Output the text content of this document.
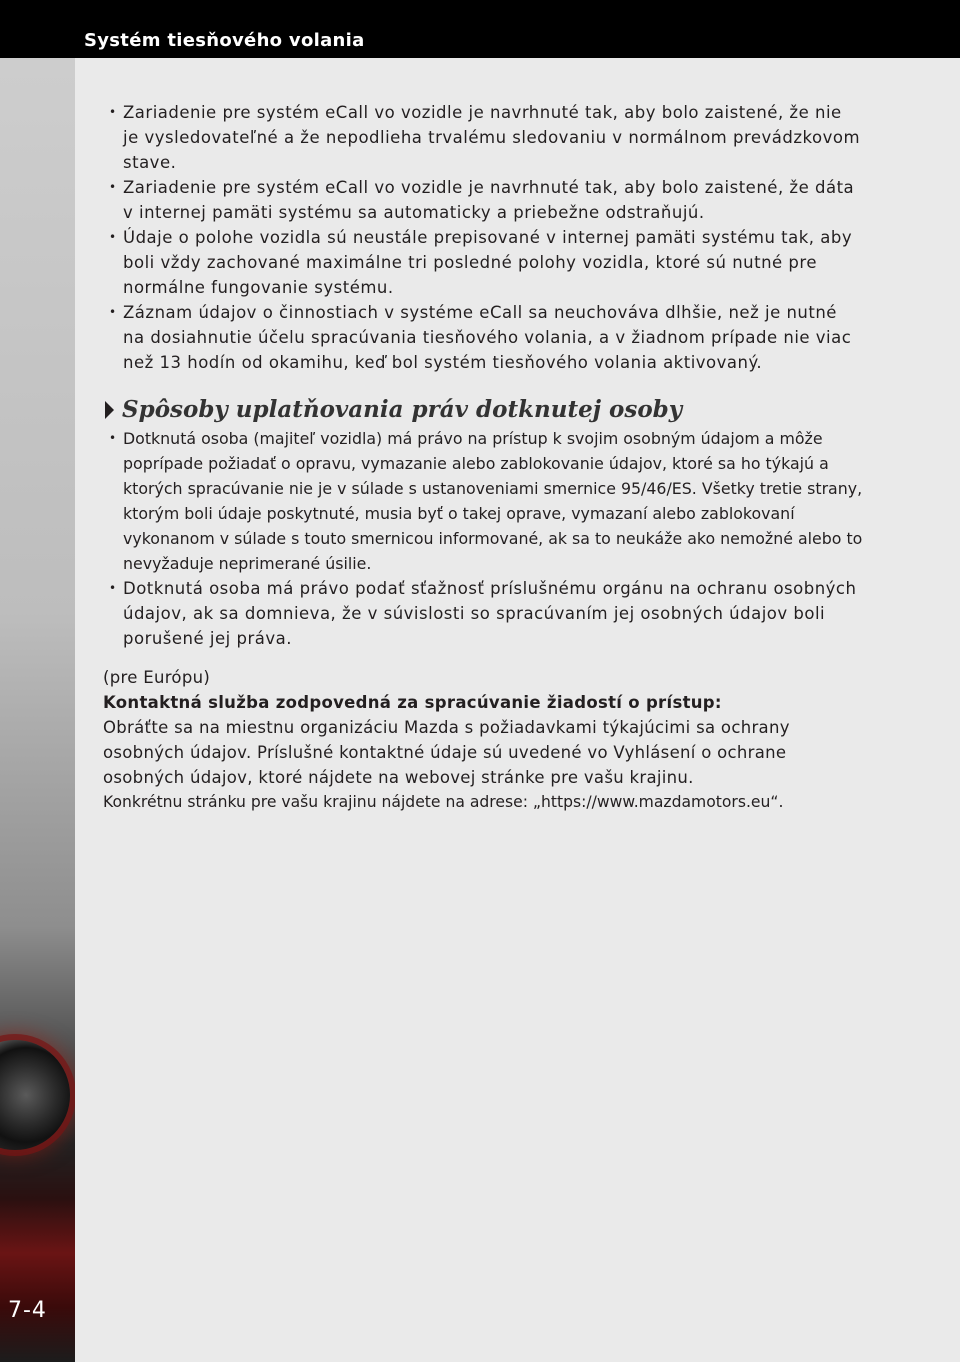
Systém tiesňového volania
7-4
• Zariadenie pre systém eCall vo vozidle je navrhnuté tak, aby bolo zaistené, že nie je vysledovateľné a že nepodlieha trvalému sledovaniu v normálnom prevádzkovom stave.
• Zariadenie pre systém eCall vo vozidle je navrhnuté tak, aby bolo zaistené, že dáta v internej pamäti systému sa automaticky a priebežne odstraňujú.
• Údaje o polohe vozidla sú neustále prepisované v internej pamäti systému tak, aby boli vždy zachované maximálne tri posledné polohy vozidla, ktoré sú nutné pre normálne fungovanie systému.
• Záznam údajov o činnostiach v systéme eCall sa neuchováva dlhšie, než je nutné na dosiahnutie účelu spracúvania tiesňového volania, a v žiadnom prípade nie viac než 13 hodín od okamihu, keď bol systém tiesňového volania aktivovaný.
Spôsoby uplatňovania práv dotknutej osoby
• Dotknutá osoba (majiteľ vozidla) má právo na prístup k svojim osobným údajom a môže poprípade požiadať o opravu, vymazanie alebo zablokovanie údajov, ktoré sa ho týkajú a ktorých spracúvanie nie je v súlade s ustanoveniami smernice 95/46/ES. Všetky tretie strany, ktorým boli údaje poskytnuté, musia byť o takej oprave, vymazaní alebo zablokovaní vykonanom v súlade s touto smernicou informované, ak sa to neukáže ako nemožné alebo to nevyžaduje neprimerané úsilie.
• Dotknutá osoba má právo podať sťažnosť príslušnému orgánu na ochranu osobných údajov, ak sa domnieva, že v súvislosti so spracúvaním jej osobných údajov boli porušené jej práva.

(pre Európu)

Kontaktná služba zodpovedná za spracúvanie žiadostí o prístup:

Obráťte sa na miestnu organizáciu Mazda s požiadavkami týkajúcimi sa ochrany osobných údajov. Príslušné kontaktné údaje sú uvedené vo Vyhlásení o ochrane osobných údajov, ktoré nájdete na webovej stránke pre vašu krajinu.

Konkrétnu stránku pre vašu krajinu nájdete na adrese: „https://www.mazdamotors.eu“.
